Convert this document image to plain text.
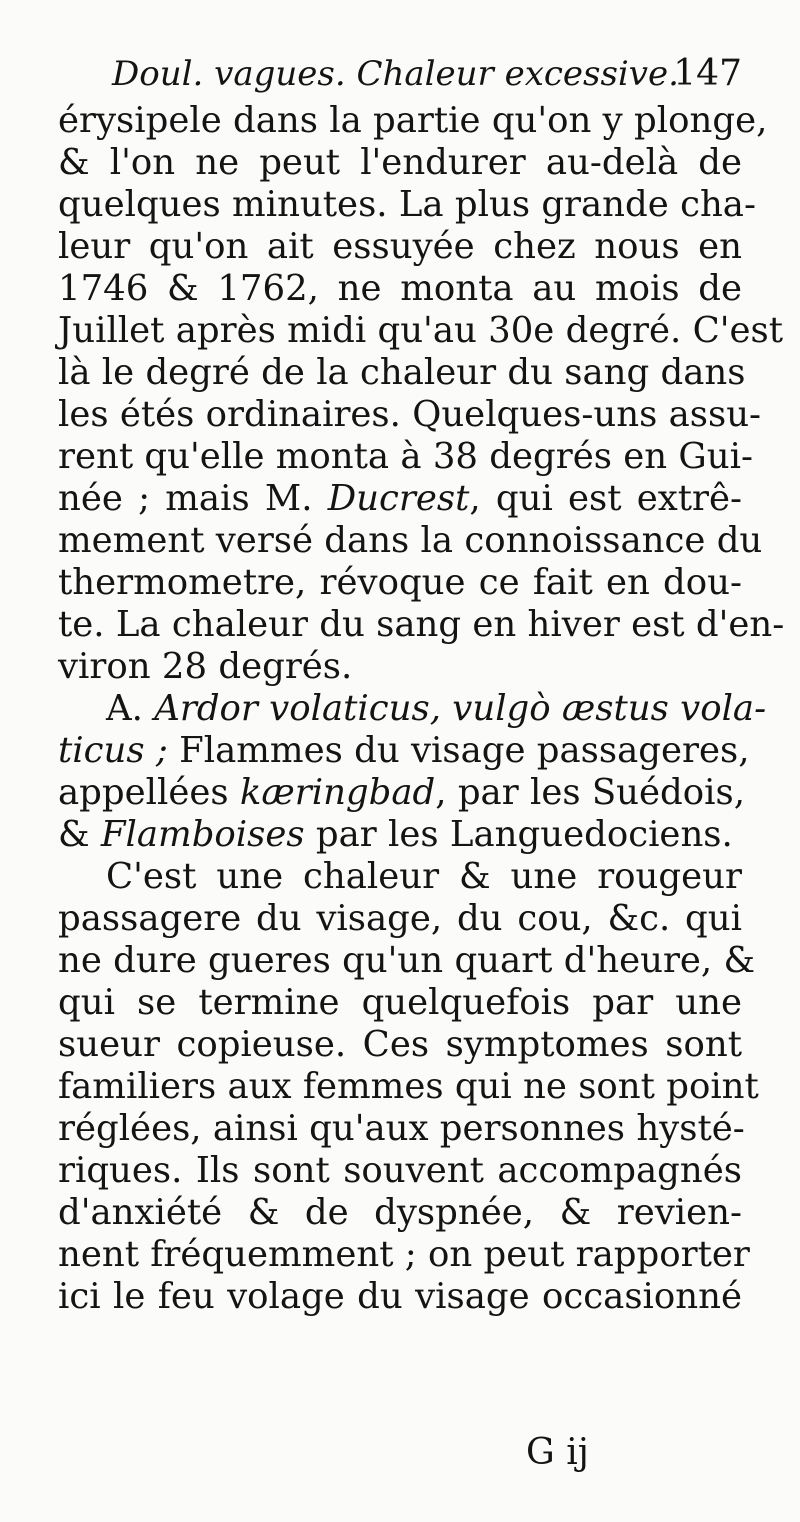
Doul. vagues. Chaleur excessive.
147
érysipele dans la partie qu'on y plonge,
& l'on ne peut l'endurer au-delà de
quelques minutes. La plus grande cha-
leur qu'on ait essuyée chez nous en
1746 & 1762, ne monta au mois de
Juillet après midi qu'au 30e degré. C'est
là le degré de la chaleur du sang dans
les étés ordinaires. Quelques-uns assu-
rent qu'elle monta à 38 degrés en Gui-
née ; mais M. Ducrest, qui est extrê-
mement versé dans la connoissance du
thermometre, révoque ce fait en dou-
te. La chaleur du sang en hiver est d'en-
viron 28 degrés.
A. Ardor volaticus, vulgò æstus vola-
ticus ; Flammes du visage passageres,
appellées kæringbad, par les Suédois,
& Flamboises par les Languedociens.
C'est une chaleur & une rougeur
passagere du visage, du cou, &c. qui
ne dure gueres qu'un quart d'heure, &
qui se termine quelquefois par une
sueur copieuse. Ces symptomes sont
familiers aux femmes qui ne sont point
réglées, ainsi qu'aux personnes hysté-
riques. Ils sont souvent accompagnés
d'anxiété & de dyspnée, & revien-
nent fréquemment ; on peut rapporter
ici le feu volage du visage occasionné
G ij
